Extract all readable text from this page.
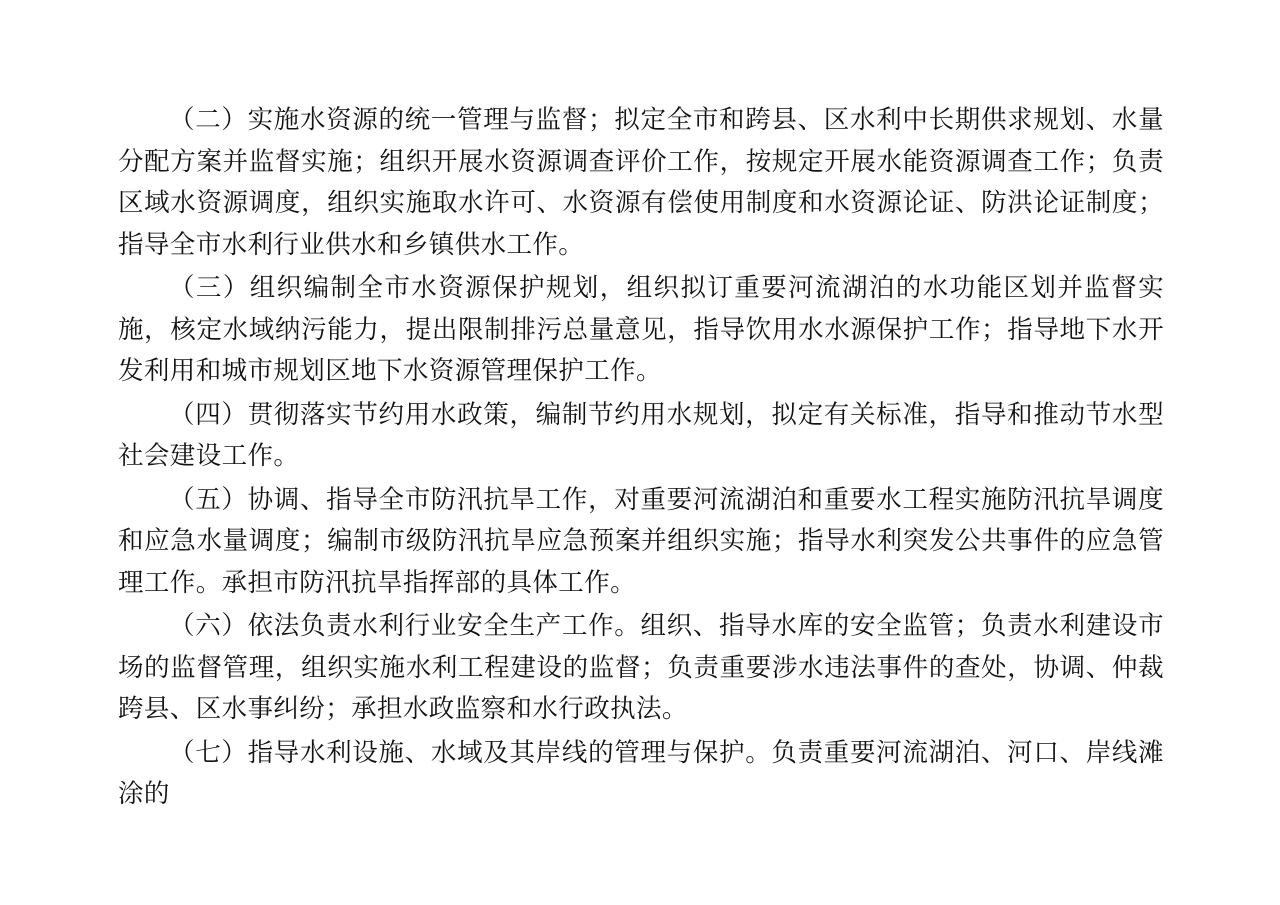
（二）实施水资源的统一管理与监督；拟定全市和跨县、区水利中长期供求规划、水量分配方案并监督实施；组织开展水资源调查评价工作，按规定开展水能资源调查工作；负责区域水资源调度，组织实施取水许可、水资源有偿使用制度和水资源论证、防洪论证制度；指导全市水利行业供水和乡镇供水工作。

（三）组织编制全市水资源保护规划，组织拟订重要河流湖泊的水功能区划并监督实施，核定水域纳污能力，提出限制排污总量意见，指导饮用水水源保护工作；指导地下水开发利用和城市规划区地下水资源管理保护工作。

（四）贯彻落实节约用水政策，编制节约用水规划，拟定有关标准，指导和推动节水型社会建设工作。

（五）协调、指导全市防汛抗旱工作，对重要河流湖泊和重要水工程实施防汛抗旱调度和应急水量调度；编制市级防汛抗旱应急预案并组织实施；指导水利突发公共事件的应急管理工作。承担市防汛抗旱指挥部的具体工作。

（六）依法负责水利行业安全生产工作。组织、指导水库的安全监管；负责水利建设市场的监督管理，组织实施水利工程建设的监督；负责重要涉水违法事件的查处，协调、仲裁跨县、区水事纠纷；承担水政监察和水行政执法。

（七）指导水利设施、水域及其岸线的管理与保护。负责重要河流湖泊、河口、岸线滩涂的
